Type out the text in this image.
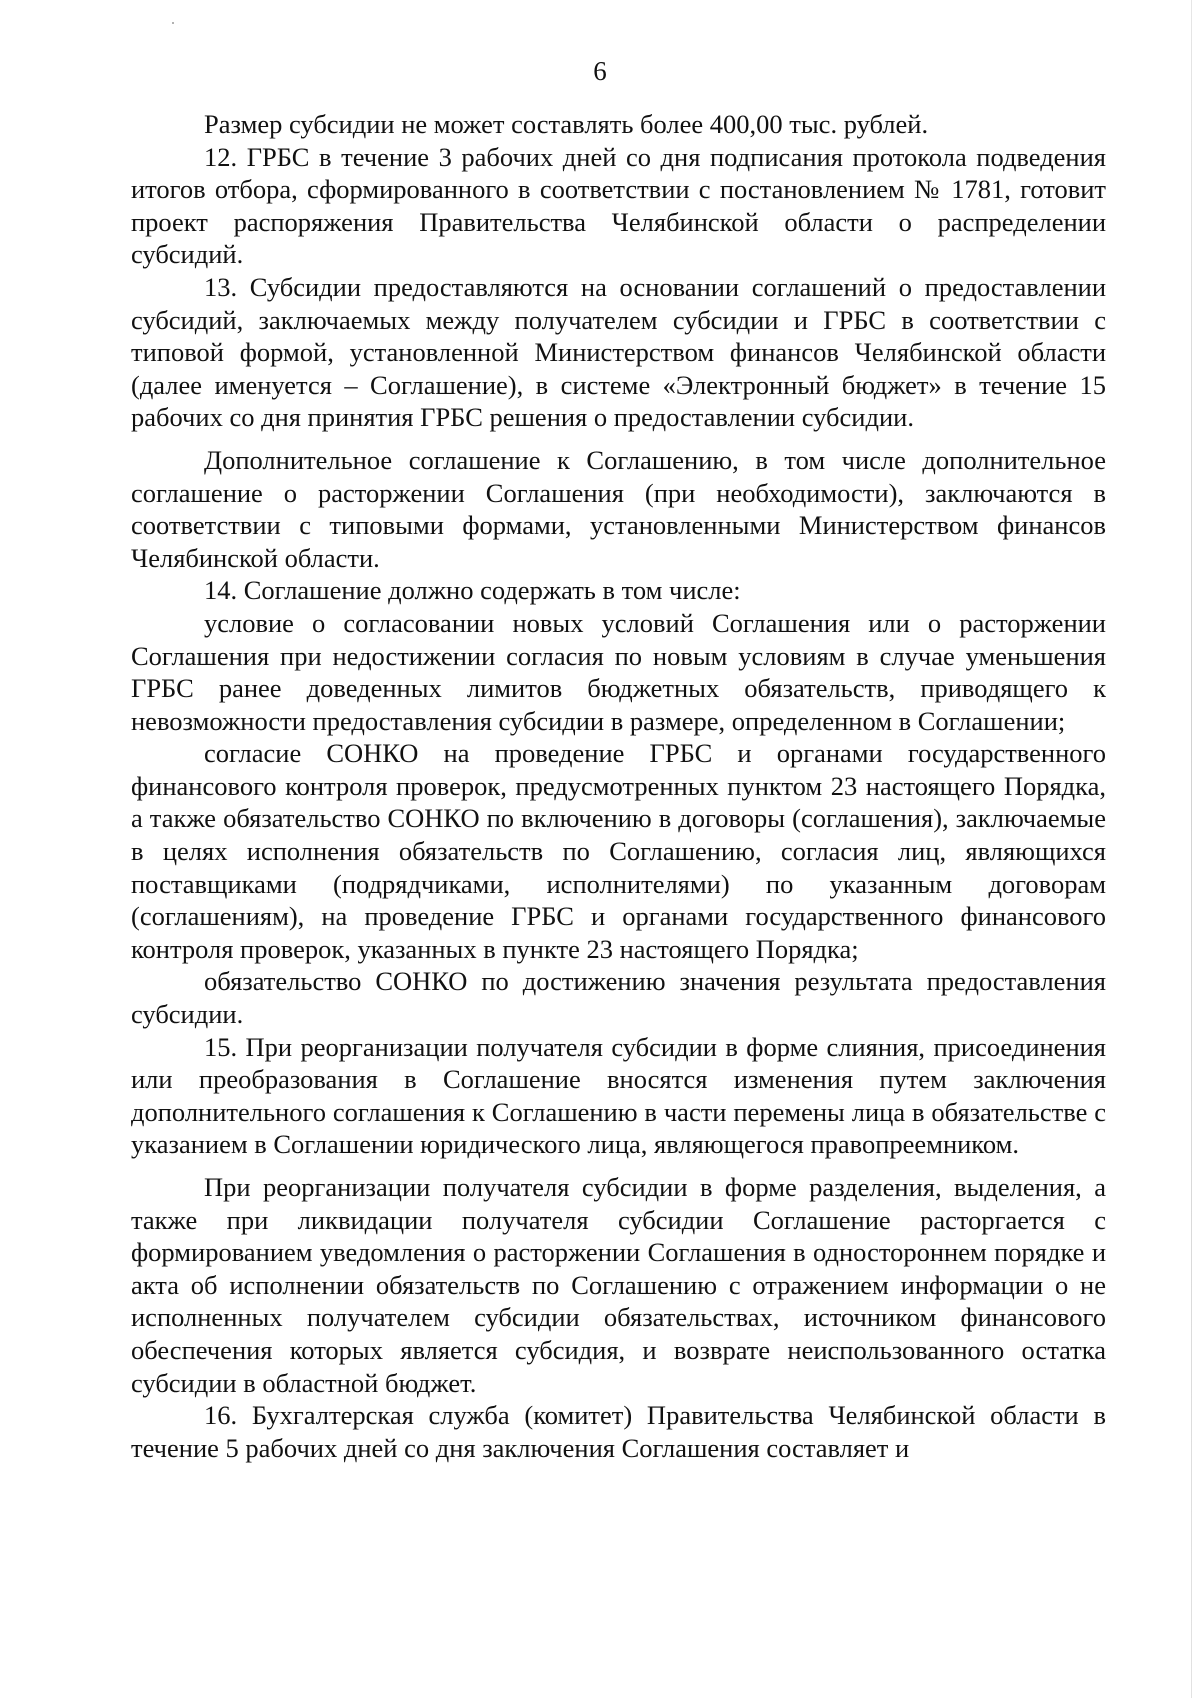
6

Размер субсидии не может составлять более 400,00 тыс. рублей.

12. ГРБС в течение 3 рабочих дней со дня подписания протокола подведения итогов отбора, сформированного в соответствии с постановлением № 1781, готовит проект распоряжения Правительства Челябинской области о распределении субсидий.

13. Субсидии предоставляются на основании соглашений о предоставлении субсидий, заключаемых между получателем субсидии и ГРБС в соответствии с типовой формой, установленной Министерством финансов Челябинской области (далее именуется – Соглашение), в системе «Электронный бюджет» в течение 15 рабочих со дня принятия ГРБС решения о предоставлении субсидии.

Дополнительное соглашение к Соглашению, в том числе дополнительное соглашение о расторжении Соглашения (при необходимости), заключаются в соответствии с типовыми формами, установленными Министерством финансов Челябинской области.

14. Соглашение должно содержать в том числе:

условие о согласовании новых условий Соглашения или о расторжении Соглашения при недостижении согласия по новым условиям в случае уменьшения ГРБС ранее доведенных лимитов бюджетных обязательств, приводящего к невозможности предоставления субсидии в размере, определенном в Соглашении;

согласие СОНКО на проведение ГРБС и органами государственного финансового контроля проверок, предусмотренных пунктом 23 настоящего Порядка, а также обязательство СОНКО по включению в договоры (соглашения), заключаемые в целях исполнения обязательств по Соглашению, согласия лиц, являющихся поставщиками (подрядчиками, исполнителями) по указанным договорам (соглашениям), на проведение ГРБС и органами государственного финансового контроля проверок, указанных в пункте 23 настоящего Порядка;

обязательство СОНКО по достижению значения результата предоставления субсидии.

15. При реорганизации получателя субсидии в форме слияния, присоединения или преобразования в Соглашение вносятся изменения путем заключения дополнительного соглашения к Соглашению в части перемены лица в обязательстве с указанием в Соглашении юридического лица, являющегося правопреемником.

При реорганизации получателя субсидии в форме разделения, выделения, а также при ликвидации получателя субсидии Соглашение расторгается с формированием уведомления о расторжении Соглашения в одностороннем порядке и акта об исполнении обязательств по Соглашению с отражением информации о не исполненных получателем субсидии обязательствах, источником финансового обеспечения которых является субсидия, и возврате неиспользованного остатка субсидии в областной бюджет.

16. Бухгалтерская служба (комитет) Правительства Челябинской области в течение 5 рабочих дней со дня заключения Соглашения составляет и
